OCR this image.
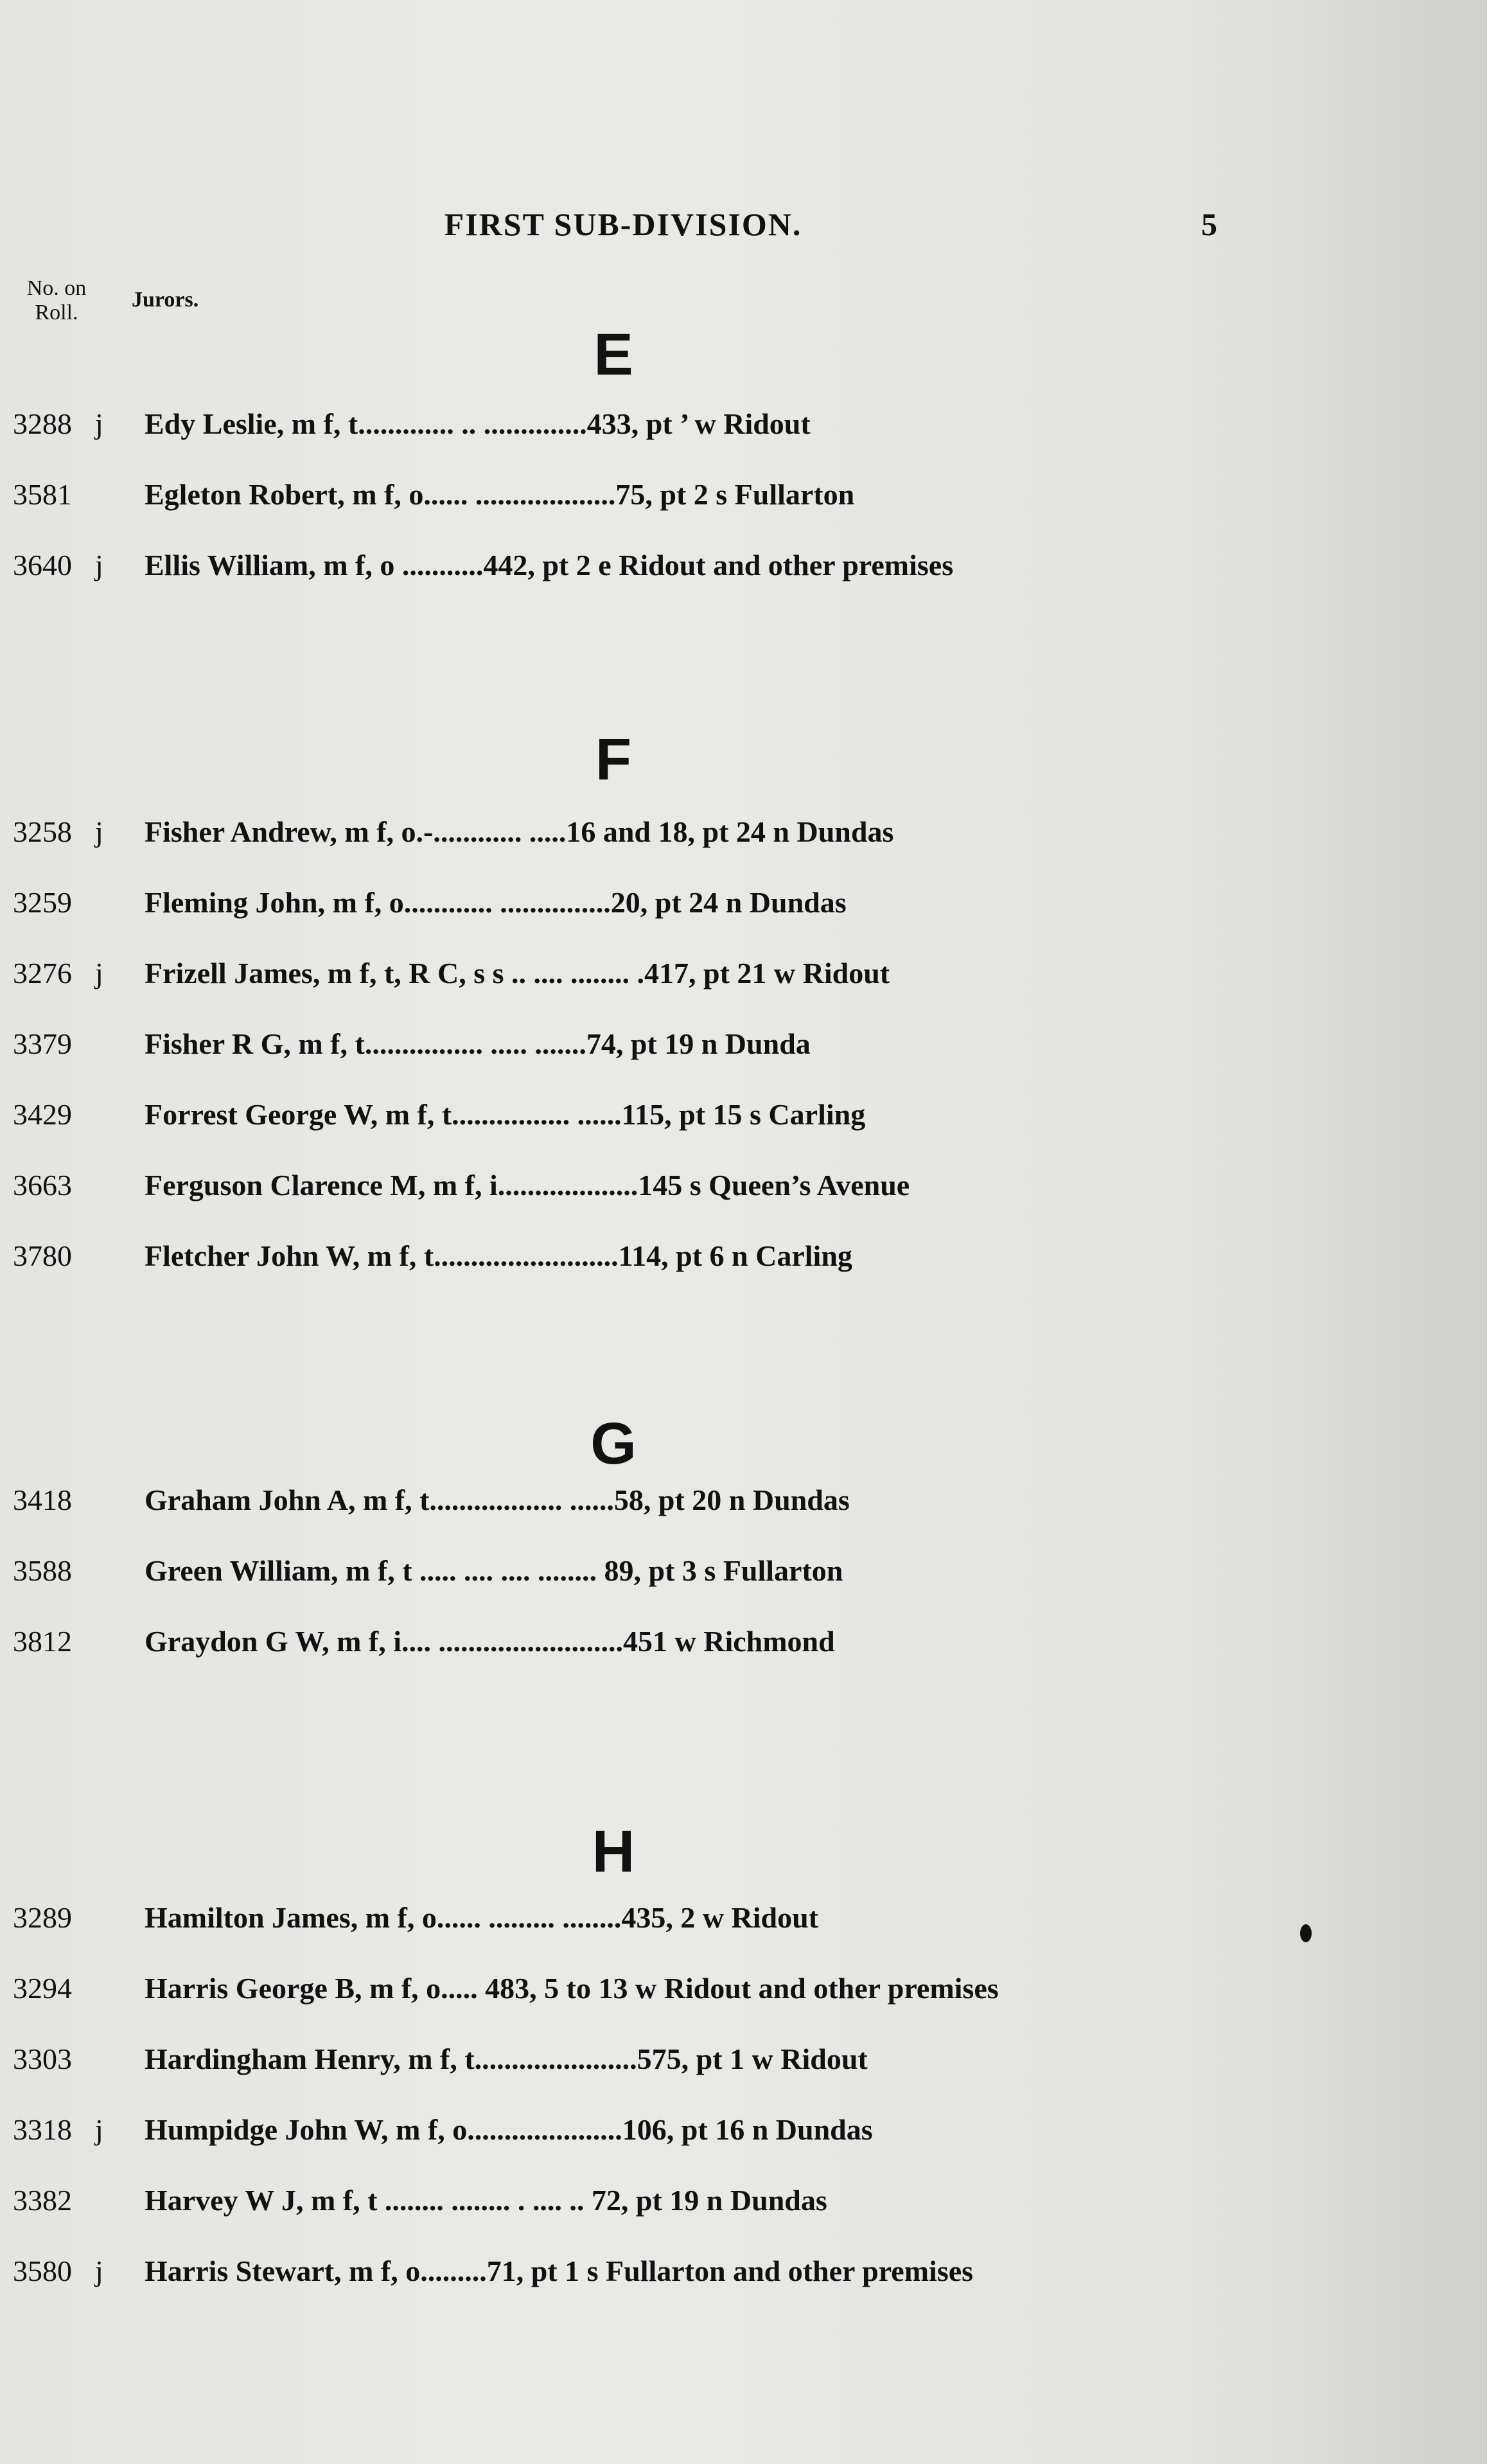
FIRST SUB-DIVISION.	5
No. on Roll.
Jurors.
E
3288 j Edy Leslie, m f, t............. .. ..............433, pt ’ w Ridout
3581	Egleton Robert, m f, o...... ...................75, pt 2 s Fullarton
3640 j Ellis William, m f, o ...........442, pt 2 e Ridout and other premises
F
3258 j Fisher Andrew, m f, o.-............ .....16 and 18, pt 24 n Dundas
3259	Fleming John, m f, o............ ...............20, pt 24 n Dundas
3276 j Frizell James, m f, t, R C, s s .. .... ........ .417, pt 21 w Ridout
3379	Fisher R G, m f, t................ ..... .......74, pt 19 n Dunda
3429	Forrest George W, m f, t................ ......115, pt 15 s Carling
3663	Ferguson Clarence M, m f, i...................145 s Queen’s Avenue
3780	Fletcher John W, m f, t.........................114, pt 6 n Carling
G
3418	Graham John A, m f, t.................. ......58, pt 20 n Dundas
3588	Green William, m f, t ..... .... .... ........ 89, pt 3 s Fullarton
3812	Graydon G W, m f, i.... .........................451 w Richmond
H
3289	Hamilton James, m f, o...... ......... ........435, 2 w Ridout
3294	Harris George B, m f, o..... 483, 5 to 13 w Ridout and other premises
3303	Hardingham Henry, m f, t......................575, pt 1 w Ridout
3318 j Humpidge John W, m f, o.....................106, pt 16 n Dundas
3382	Harvey W J, m f, t ........ ........ . .... .. 72, pt 19 n Dundas
3580 j Harris Stewart, m f, o.........71, pt 1 s Fullarton and other premises
